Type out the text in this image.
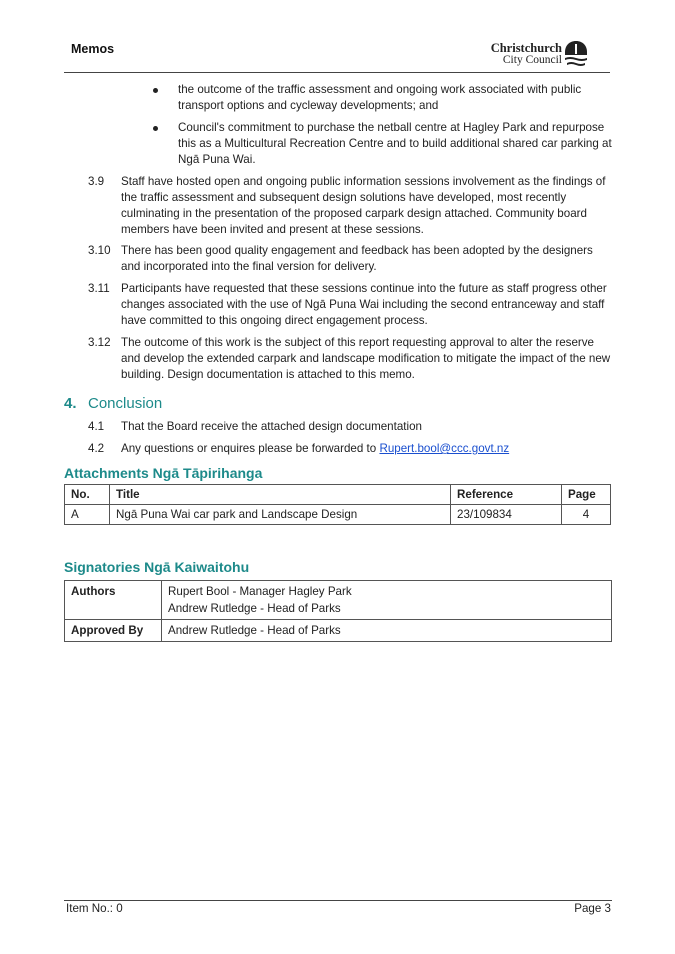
Memos	Christchurch
City Council
the outcome of the traffic assessment and ongoing work associated with public transport options and cycleway developments; and
Council's commitment to purchase the netball centre at Hagley Park and repurpose this as a Multicultural Recreation Centre and to build additional shared car parking at Ngā Puna Wai.
3.9 Staff have hosted open and ongoing public information sessions involvement as the findings of the traffic assessment and subsequent design solutions have developed, most recently culminating in the presentation of the proposed carpark design attached. Community board members have been invited and present at these sessions.
3.10 There has been good quality engagement and feedback has been adopted by the designers and incorporated into the final version for delivery.
3.11 Participants have requested that these sessions continue into the future as staff progress other changes associated with the use of Ngā Puna Wai including the second entranceway and staff have committed to this ongoing direct engagement process.
3.12 The outcome of this work is the subject of this report requesting approval to alter the reserve and develop the extended carpark and landscape modification to mitigate the impact of the new building. Design documentation is attached to this memo.
4. Conclusion
4.1 That the Board receive the attached design documentation
4.2 Any questions or enquires please be forwarded to Rupert.bool@ccc.govt.nz
Attachments Ngā Tāpirihanga
No.	Title	Reference	Page
A	Ngā Puna Wai car park and Landscape Design	23/109834	4
Signatories Ngā Kaiwaitohu
Authors	Rupert Bool - Manager Hagley Park
Andrew Rutledge - Head of Parks

Approved By	Andrew Rutledge - Head of Parks
Item No.: 0	Page 3
